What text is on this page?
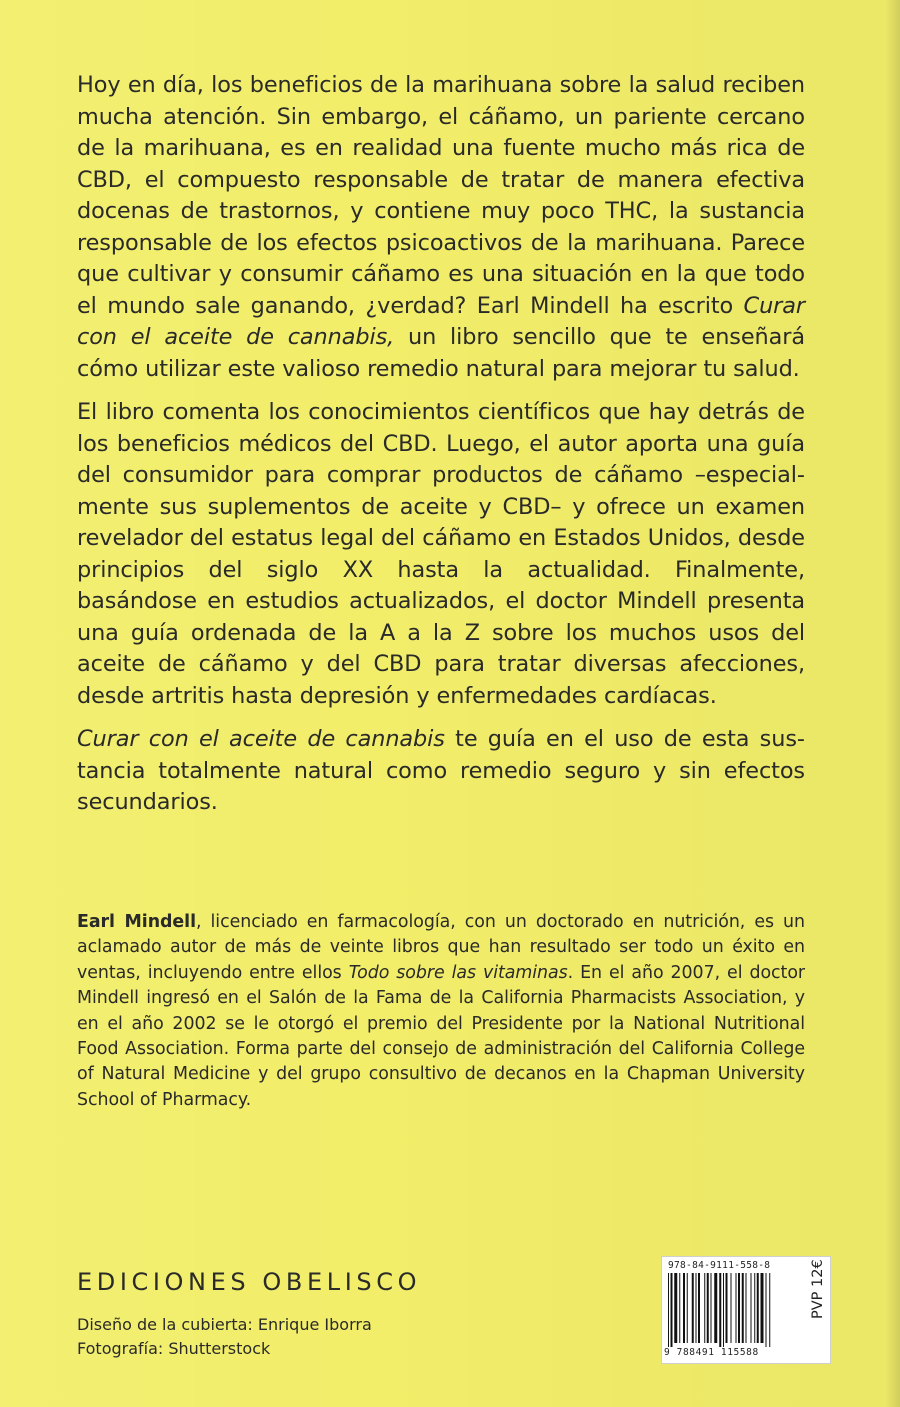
Hoy en día, los beneficios de la marihuana sobre la salud reciben mucha atención. Sin embargo, el cáñamo, un pariente cercano de la marihuana, es en realidad una fuente mucho más rica de CBD, el compuesto responsable de tratar de manera efectiva docenas de trastornos, y contiene muy poco THC, la sustancia responsable de los efectos psicoactivos de la marihuana. Parece que cultivar y consumir cáñamo es una situación en la que todo el mundo sale ganando, ¿verdad? Earl Mindell ha escrito Curar con el aceite de cannabis, un libro sencillo que te enseñará cómo utilizar este valioso remedio natural para mejorar tu salud.

El libro comenta los conocimientos científicos que hay detrás de los beneficios médicos del CBD. Luego, el autor aporta una guía del consumidor para comprar productos de cáñamo –especialmente sus suplementos de aceite y CBD– y ofrece un examen revelador del estatus legal del cáñamo en Estados Unidos, desde principios del siglo XX hasta la actualidad. Finalmente, basándose en estudios actualizados, el doctor Mindell presenta una guía ordenada de la A a la Z sobre los muchos usos del aceite de cáñamo y del CBD para tratar diversas afecciones, desde artritis hasta depresión y enfermedades cardíacas.

Curar con el aceite de cannabis te guía en el uso de esta sustancia totalmente natural como remedio seguro y sin efectos secundarios.

Earl Mindell, licenciado en farmacología, con un doctorado en nutrición, es un aclamado autor de más de veinte libros que han resultado ser todo un éxito en ventas, incluyendo entre ellos Todo sobre las vitaminas. En el año 2007, el doctor Mindell ingresó en el Salón de la Fama de la California Pharmacists Association, y en el año 2002 se le otorgó el premio del Presidente por la National Nutritional Food Association. Forma parte del consejo de administración del California College of Natural Medicine y del grupo consultivo de decanos en la Chapman University School of Pharmacy.

EDICIONES OBELISCO
Diseño de la cubierta: Enrique Iborra
Fotografía: Shutterstock
978-84-9111-558-8
9 788491 115588
PVP 12€
